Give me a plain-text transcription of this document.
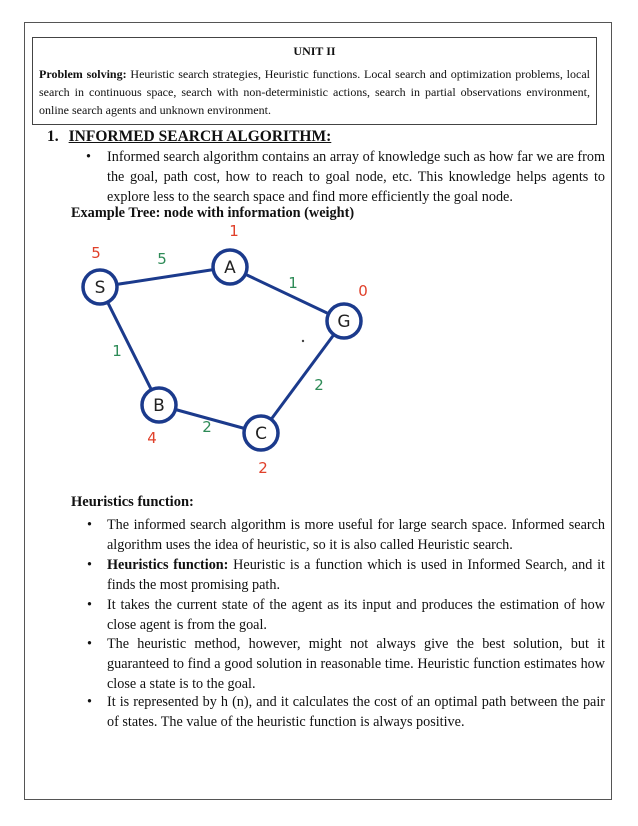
UNIT II
Problem solving: Heuristic search strategies, Heuristic functions. Local search and optimization problems, local search in continuous space, search with non-deterministic actions, search in partial observations environment, online search agents and unknown environment.
1. INFORMED SEARCH ALGORITHM:
• Informed search algorithm contains an array of knowledge such as how far we are from the goal, path cost, how to reach to goal node, etc. This knowledge helps agents to explore less to the search space and find more efficiently the goal node.
Example Tree: node with information (weight)
5
1
1
2
2
S
5
A
1
G
0
B
4	C
2
Heuristics function:
• The informed search algorithm is more useful for large search space. Informed search algorithm uses the idea of heuristic, so it is also called Heuristic search.
• Heuristics function: Heuristic is a function which is used in Informed Search, and it finds the most promising path.
• It takes the current state of the agent as its input and produces the estimation of how close agent is from the goal.
• The heuristic method, however, might not always give the best solution, but it guaranteed to find a good solution in reasonable time. Heuristic function estimates how close a state is to the goal.
• It is represented by h (n), and it calculates the cost of an optimal path between the pair of states. The value of the heuristic function is always positive.
